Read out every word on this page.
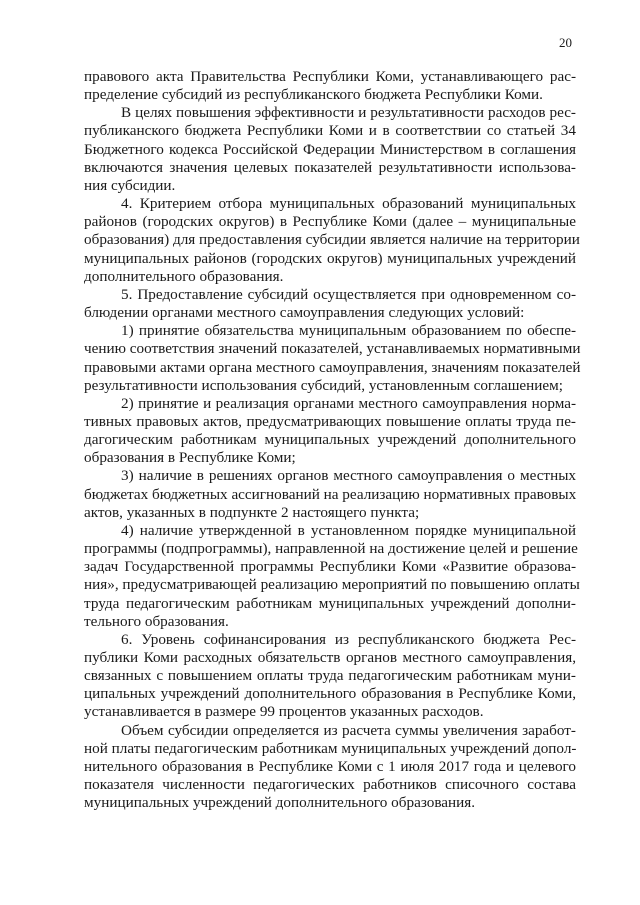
20
правового акта Правительства Республики Коми, устанавливающего рас-
пределение субсидий из республиканского бюджета Республики Коми.
В целях повышения эффективности и результативности расходов рес-
публиканского бюджета Республики Коми и в соответствии со статьей 34
Бюджетного кодекса Российской Федерации Министерством в соглашения
включаются значения целевых показателей результативности использова-
ния субсидии.
4. Критерием отбора муниципальных образований муниципальных
районов (городских округов) в Республике Коми (далее – муниципальные
образования) для предоставления субсидии является наличие на территории
муниципальных районов (городских округов) муниципальных учреждений
дополнительного образования.
5. Предоставление субсидий осуществляется при одновременном со-
блюдении органами местного самоуправления следующих условий:
1) принятие обязательства муниципальным образованием по обеспе-
чению соответствия значений показателей, устанавливаемых нормативными
правовыми актами органа местного самоуправления, значениям показателей
результативности использования субсидий, установленным соглашением;
2) принятие и реализация органами местного самоуправления норма-
тивных правовых актов, предусматривающих повышение оплаты труда пе-
дагогическим работникам муниципальных учреждений дополнительного
образования в Республике Коми;
3) наличие в решениях органов местного самоуправления о местных
бюджетах бюджетных ассигнований на реализацию нормативных правовых
актов, указанных в подпункте 2 настоящего пункта;
4) наличие утвержденной в установленном порядке муниципальной
программы (подпрограммы), направленной на достижение целей и решение
задач Государственной программы Республики Коми «Развитие образова-
ния», предусматривающей реализацию мероприятий по повышению оплаты
труда педагогическим работникам муниципальных учреждений дополни-
тельного образования.
6. Уровень софинансирования из республиканского бюджета Рес-
публики Коми расходных обязательств органов местного самоуправления,
связанных с повышением оплаты труда педагогическим работникам муни-
ципальных учреждений дополнительного образования в Республике Коми,
устанавливается в размере 99 процентов указанных расходов.
Объем субсидии определяется из расчета суммы увеличения заработ-
ной платы педагогическим работникам муниципальных учреждений допол-
нительного образования в Республике Коми с 1 июля 2017 года и целевого
показателя численности педагогических работников списочного состава
муниципальных учреждений дополнительного образования.
